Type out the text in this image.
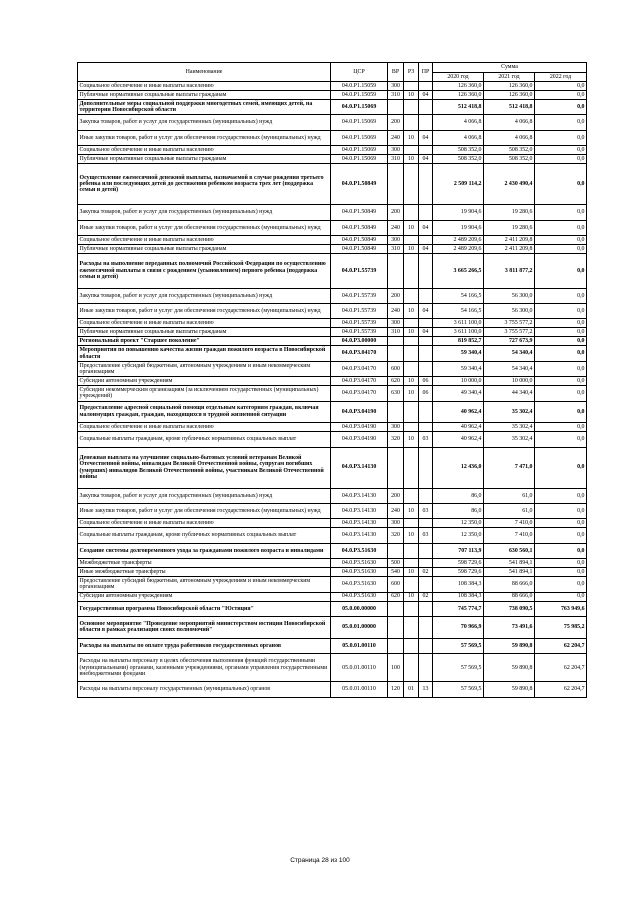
Наименование	ЦСР	ВР	РЗ	ПР	Сумма		
					2020 год	2021 год	2022 год
Социальное обеспечение и иные выплаты населению	04.0.P1.15059	300			126 360,0	126 360,0	0,0
Публичные нормативные социальные выплаты гражданам	04.0.P1.15059	310	10	04	126 360,0	126 360,0	0,0
Дополнительные меры социальной поддержки многодетных семей, имеющих детей, на территории Новосибирской области	04.0.P1.15069				512 418,8	512 418,8	0,0
Закупка товаров, работ и услуг для государственных (муниципальных) нужд	04.0.P1.15069	200			4 066,8	4 066,8	0,0
Иные закупки товаров, работ и услуг для обеспечения государственных (муниципальных) нужд	04.0.P1.15069	240	10	04	4 066,8	4 066,8	0,0
Социальное обеспечение и иные выплаты населению	04.0.P1.15069	300			508 352,0	508 352,0	0,0
Публичные нормативные социальные выплаты гражданам	04.0.P1.15069	310	10	04	508 352,0	508 352,0	0,0
Осуществление ежемесячной денежной выплаты, назначаемой в случае рождения третьего ребенка или последующих детей до достижения ребенком возраста трех лет (поддержка семьи и детей)	04.0.P1.50849				2 509 114,2	2 430 490,4	0,0
Закупка товаров, работ и услуг для государственных (муниципальных) нужд	04.0.P1.50849	200			19 904,6	19 280,6	0,0
Иные закупки товаров, работ и услуг для обеспечения государственных (муниципальных) нужд	04.0.P1.50849	240	10	04	19 904,6	19 280,6	0,0
Социальное обеспечение и иные выплаты населению	04.0.P1.50849	300			2 489 209,6	2 411 209,8	0,0
Публичные нормативные социальные выплаты гражданам	04.0.P1.50849	310	10	04	2 489 209,6	2 411 209,8	0,0
Расходы на выполнение переданных полномочий Российской Федерации по осуществлению ежемесячной выплаты в связи с рождением (усыновлением) первого ребенка (поддержка семьи и детей)	04.0.P1.55739				3 665 266,5	3 811 877,2	0,0
Закупка товаров, работ и услуг для государственных (муниципальных) нужд	04.0.P1.55739	200			54 166,5	56 300,0	0,0
Иные закупки товаров, работ и услуг для обеспечения государственных (муниципальных) нужд	04.0.P1.55739	240	10	04	54 166,5	56 300,0	0,0
Социальное обеспечение и иные выплаты населению	04.0.P1.55739	300			3 611 100,0	3 755 577,2	0,0
Публичные нормативные социальные выплаты гражданам	04.0.P1.55739	310	10	04	3 611 100,0	3 755 577,2	0,0
Региональный проект "Старшее поколение"	04.0.P3.00000				819 852,7	727 673,9	0,0
Мероприятия по повышению качества жизни граждан пожилого возраста в Новосибирской области	04.0.P3.04170				59 340,4	54 340,4	0,0
Предоставление субсидий бюджетным, автономным учреждениям и иным некоммерческим организациям	04.0.P3.04170	600			59 340,4	54 340,4	0,0
Субсидии автономным учреждениям	04.0.P3.04170	620	10	06	10 000,0	10 000,0	0,0
Субсидии некоммерческим организациям (за исключением государственных (муниципальных) учреждений)	04.0.P3.04170	630	10	06	49 340,4	44 340,4	0,0
Предоставление адресной социальной помощи отдельным категориям граждан, включая малоимущих граждан, граждан, находящихся в трудной жизненной ситуации	04.0.P3.04190				40 962,4	35 302,4	0,0
Социальное обеспечение и иные выплаты населению	04.0.P3.04190	300			40 962,4	35 302,4	0,0
Социальные выплаты гражданам, кроме публичных нормативных социальных выплат	04.0.P3.04190	320	10	03	40 962,4	35 302,4	0,0
Денежная выплата на улучшение социально-бытовых условий ветеранам Великой Отечественной войны, инвалидам Великой Отечественной войны, супругам погибших (умерших) инвалидов Великой Отечественной войны, участникам Великой Отечественной войны	04.0.P3.14130				12 436,0	7 471,0	0,0
Закупка товаров, работ и услуг для государственных (муниципальных) нужд	04.0.P3.14130	200			86,0	61,0	0,0
Иные закупки товаров, работ и услуг для обеспечения государственных (муниципальных) нужд	04.0.P3.14130	240	10	03	86,0	61,0	0,0
Социальное обеспечение и иные выплаты населению	04.0.P3.14130	300			12 350,0	7 410,0	0,0
Социальные выплаты гражданам, кроме публичных нормативных социальных выплат	04.0.P3.14130	320	10	03	12 350,0	7 410,0	0,0
Создание системы долговременного ухода за гражданами пожилого возраста и инвалидами	04.0.P3.51630				707 113,9	630 560,1	0,0
Межбюджетные трансферты	04.0.P3.51630	500			598 729,6	541 894,1	0,0
Иные межбюджетные трансферты	04.0.P3.51630	540	10	02	598 729,6	541 894,1	0,0
Предоставление субсидий бюджетным, автономным учреждениям и иным некоммерческим организациям	04.0.P3.51630	600			108 384,3	88 666,0	0,0
Субсидии автономным учреждениям	04.0.P3.51630	620	10	02	108 384,3	88 666,0	0,0
Государственная программа Новосибирской области "Юстиция"	05.0.00.00000				745 774,7	738 090,5	763 949,6
Основное мероприятие "Проведение мероприятий министерством юстиции Новосибирской области в рамках реализации своих полномочий"	05.0.01.00000				70 966,9	73 491,6	75 985,2
Расходы на выплаты по оплате труда работников государственных органов	05.0.01.00110				57 569,5	59 890,8	62 204,7
Расходы на выплаты персоналу в целях обеспечения выполнения функций государственными (муниципальными) органами, казенными учреждениями, органами управления государственными внебюджетными фондами	05.0.01.00110	100			57 569,5	59 890,8	62 204,7
Расходы на выплаты персоналу государственных (муниципальных) органов	05.0.01.00110	120	01	13	57 569,5	59 890,8	62 204,7
Страница 28 из 100
